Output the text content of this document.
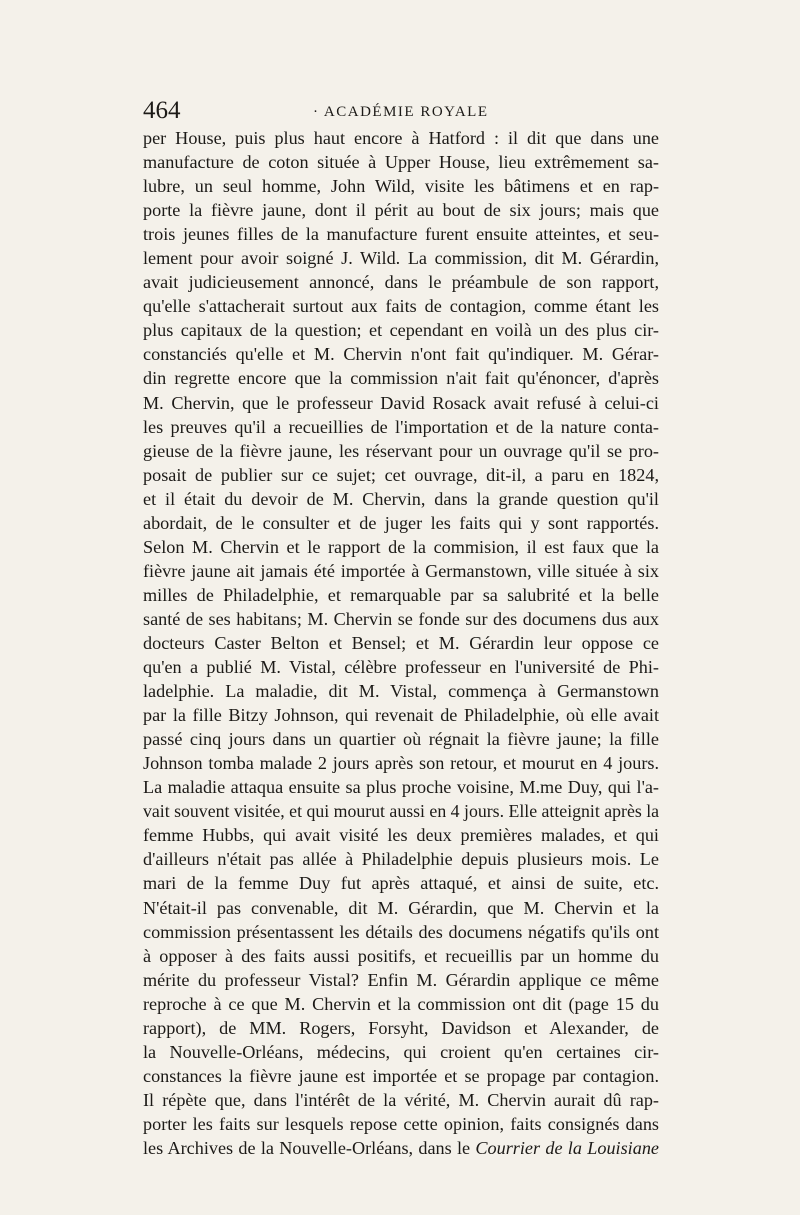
464	· ACADÉMIE ROYALE
per House, puis plus haut encore à Hatford : il dit que dans une
manufacture de coton située à Upper House, lieu extrêmement sa-
lubre, un seul homme, John Wild, visite les bâtimens et en rap-
porte la fièvre jaune, dont il périt au bout de six jours; mais que
trois jeunes filles de la manufacture furent ensuite atteintes, et seu-
lement pour avoir soigné J. Wild. La commission, dit M. Gérardin,
avait judicieusement annoncé, dans le préambule de son rapport,
qu'elle s'attacherait surtout aux faits de contagion, comme étant les
plus capitaux de la question; et cependant en voilà un des plus cir-
constanciés qu'elle et M. Chervin n'ont fait qu'indiquer. M. Gérar-
din regrette encore que la commission n'ait fait qu'énoncer, d'après
M. Chervin, que le professeur David Rosack avait refusé à celui-ci
les preuves qu'il a recueillies de l'importation et de la nature conta-
gieuse de la fièvre jaune, les réservant pour un ouvrage qu'il se pro-
posait de publier sur ce sujet; cet ouvrage, dit-il, a paru en 1824,
et il était du devoir de M. Chervin, dans la grande question qu'il
abordait, de le consulter et de juger les faits qui y sont rapportés.
Selon M. Chervin et le rapport de la commision, il est faux que la
fièvre jaune ait jamais été importée à Germanstown, ville située à six
milles de Philadelphie, et remarquable par sa salubrité et la belle
santé de ses habitans; M. Chervin se fonde sur des documens dus aux
docteurs Caster Belton et Bensel; et M. Gérardin leur oppose ce
qu'en a publié M. Vistal, célèbre professeur en l'université de Phi-
ladelphie. La maladie, dit M. Vistal, commença à Germanstown
par la fille Bitzy Johnson, qui revenait de Philadelphie, où elle avait
passé cinq jours dans un quartier où régnait la fièvre jaune; la fille
Johnson tomba malade 2 jours après son retour, et mourut en 4 jours.
La maladie attaqua ensuite sa plus proche voisine, M.me Duy, qui l'a-
vait souvent visitée, et qui mourut aussi en 4 jours. Elle atteignit après la
femme Hubbs, qui avait visité les deux premières malades, et qui
d'ailleurs n'était pas allée à Philadelphie depuis plusieurs mois. Le
mari de la femme Duy fut après attaqué, et ainsi de suite, etc.
N'était-il pas convenable, dit M. Gérardin, que M. Chervin et la
commission présentassent les détails des documens négatifs qu'ils ont
à opposer à des faits aussi positifs, et recueillis par un homme du
mérite du professeur Vistal? Enfin M. Gérardin applique ce même
reproche à ce que M. Chervin et la commission ont dit (page 15 du
rapport), de MM. Rogers, Forsyht, Davidson et Alexander, de
la Nouvelle-Orléans, médecins, qui croient qu'en certaines cir-
constances la fièvre jaune est importée et se propage par contagion.
Il répète que, dans l'intérêt de la vérité, M. Chervin aurait dû rap-
porter les faits sur lesquels repose cette opinion, faits consignés dans
les Archives de la Nouvelle-Orléans, dans le Courrier de la Louisiane
